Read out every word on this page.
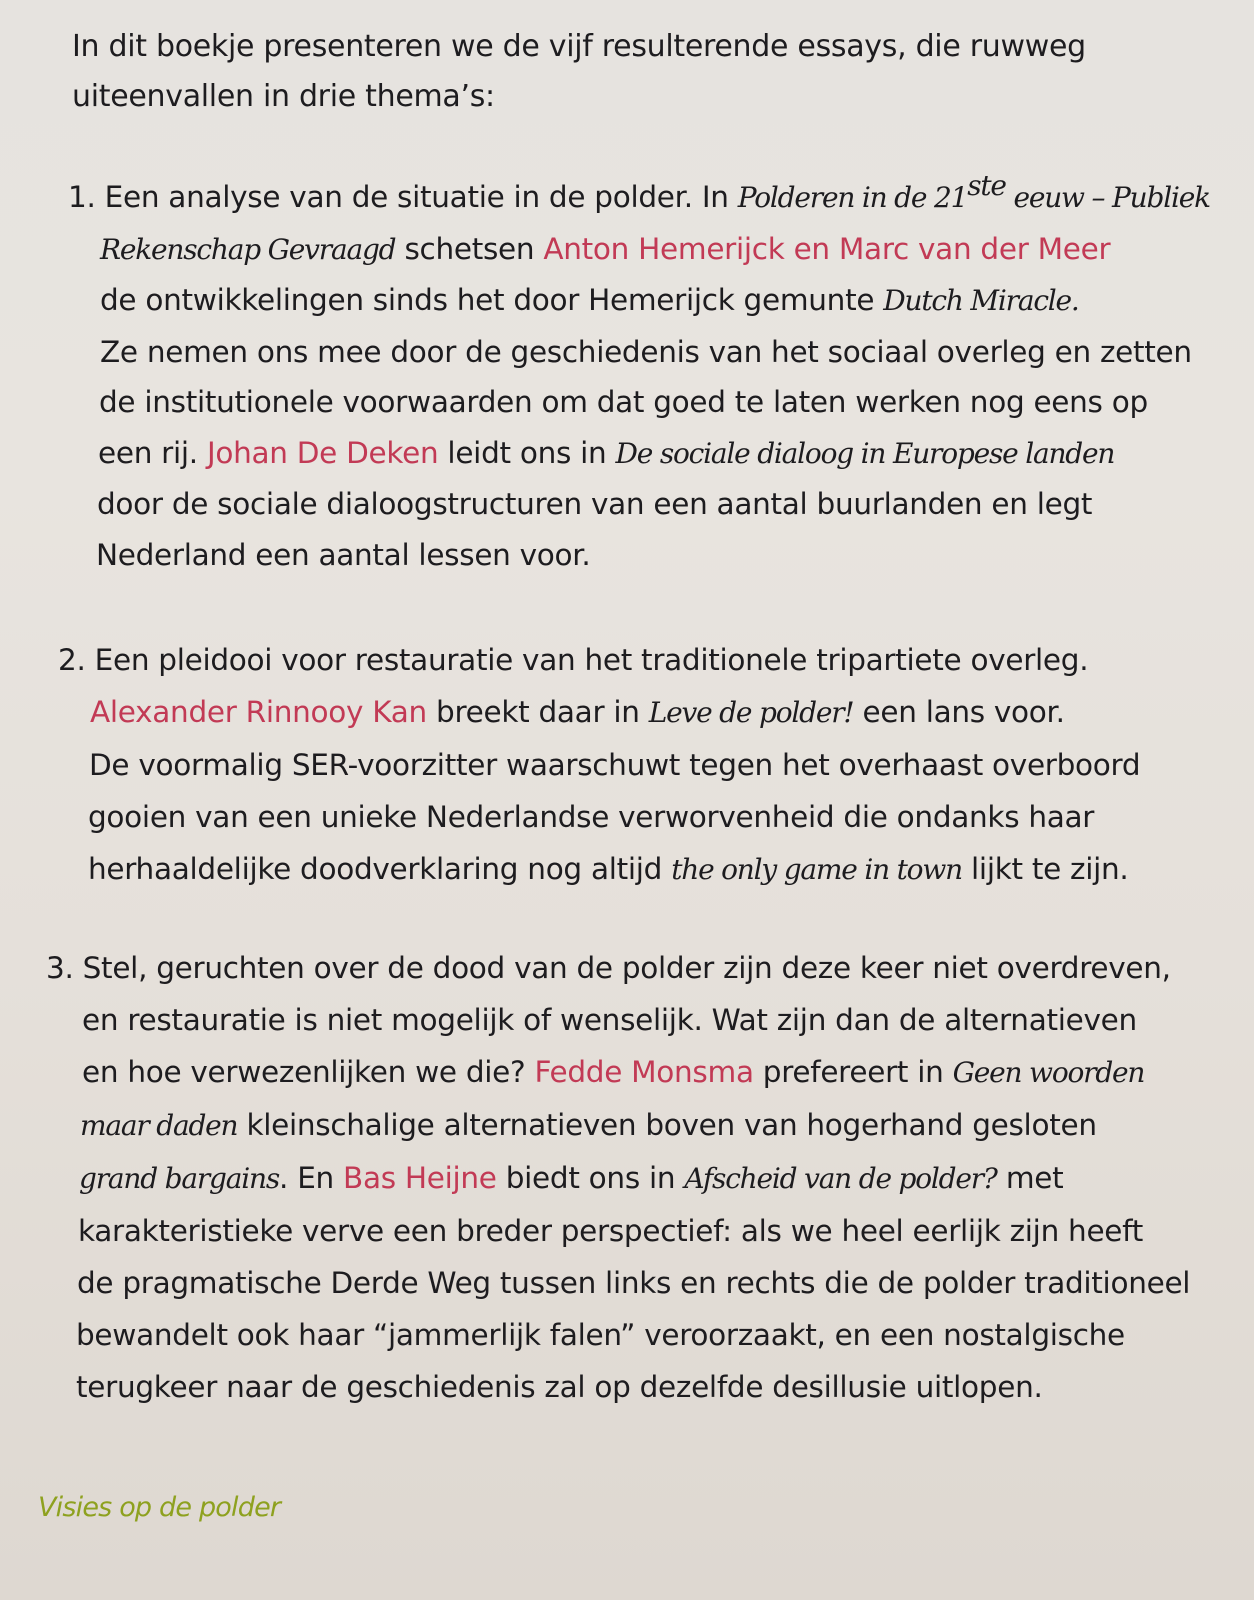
In dit boekje presenteren we de vijf resulterende essays, die ruwweg
uiteenvallen in drie thema’s:
1. Een analyse van de situatie in de polder. In Polderen in de 21ste eeuw – Publiek
Rekenschap Gevraagd schetsen Anton Hemerijck en Marc van der Meer
de ontwikkelingen sinds het door Hemerijck gemunte Dutch Miracle.
Ze nemen ons mee door de geschiedenis van het sociaal overleg en zetten
de institutionele voorwaarden om dat goed te laten werken nog eens op
een rij. Johan De Deken leidt ons in De sociale dialoog in Europese landen
door de sociale dialoogstructuren van een aantal buurlanden en legt
Nederland een aantal lessen voor.
2. Een pleidooi voor restauratie van het traditionele tripartiete overleg.
Alexander Rinnooy Kan breekt daar in Leve de polder! een lans voor.
De voormalig SER-voorzitter waarschuwt tegen het overhaast overboord
gooien van een unieke Nederlandse verworvenheid die ondanks haar
herhaaldelijke doodverklaring nog altijd the only game in town lijkt te zijn.
3. Stel, geruchten over de dood van de polder zijn deze keer niet overdreven,
en restauratie is niet mogelijk of wenselijk. Wat zijn dan de alternatieven
en hoe verwezenlijken we die? Fedde Monsma prefereert in Geen woorden
maar daden kleinschalige alternatieven boven van hogerhand gesloten
grand bargains. En Bas Heijne biedt ons in Afscheid van de polder? met
karakteristieke verve een breder perspectief: als we heel eerlijk zijn heeft
de pragmatische Derde Weg tussen links en rechts die de polder traditioneel
bewandelt ook haar “jammerlijk falen” veroorzaakt, en een nostalgische
terugkeer naar de geschiedenis zal op dezelfde desillusie uitlopen.
Visies op de polder
